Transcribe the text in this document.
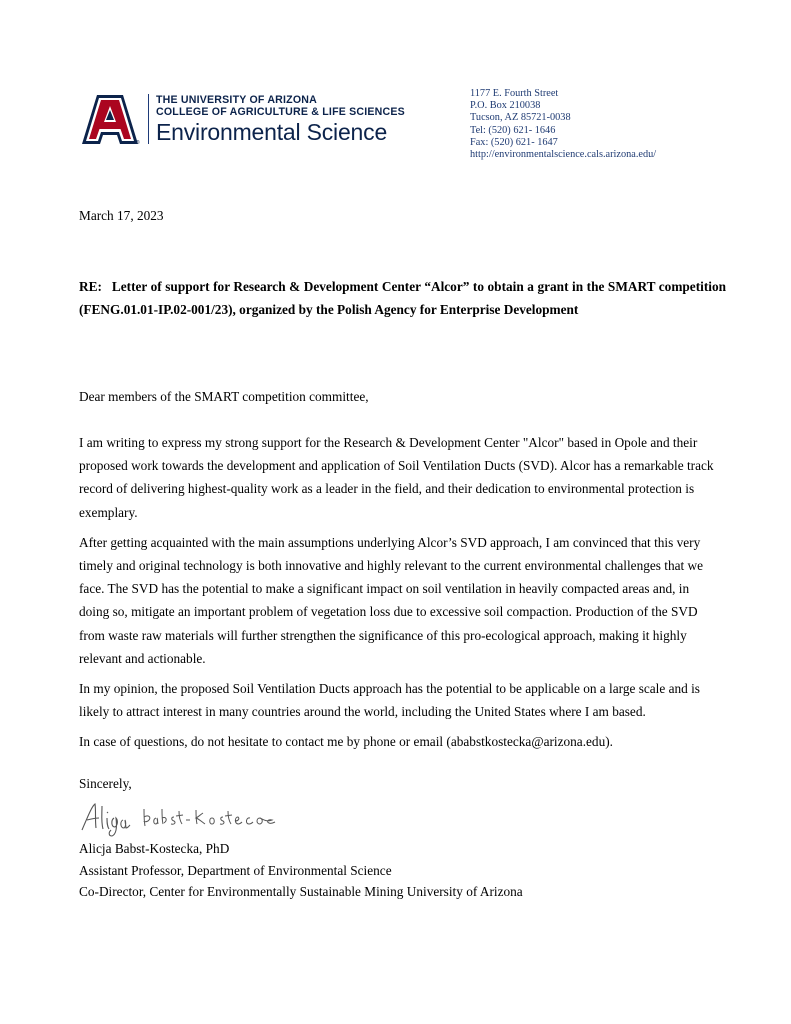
®
THE UNIVERSITY OF ARIZONA
COLLEGE OF AGRICULTURE & LIFE SCIENCES
Environmental Science
1177 E. Fourth Street
P.O. Box 210038
Tucson, AZ 85721-0038
Tel: (520) 621- 1646
Fax: (520) 621- 1647
http://environmentalscience.cals.arizona.edu/
March 17, 2023
RE: Letter of support for Research & Development Center “Alcor” to obtain a grant in the SMART competition (FENG.01.01-IP.02-001/23), organized by the Polish Agency for Enterprise Development
Dear members of the SMART competition committee,

I am writing to express my strong support for the Research & Development Center "Alcor" based in Opole and their proposed work towards the development and application of Soil Ventilation Ducts (SVD). Alcor has a remarkable track record of delivering highest-quality work as a leader in the field, and their dedication to environmental protection is exemplary.

After getting acquainted with the main assumptions underlying Alcor’s SVD approach, I am convinced that this very timely and original technology is both innovative and highly relevant to the current environmental challenges that we face. The SVD has the potential to make a significant impact on soil ventilation in heavily compacted areas and, in doing so, mitigate an important problem of vegetation loss due to excessive soil compaction. Production of the SVD from waste raw materials will further strengthen the significance of this pro-ecological approach, making it highly relevant and actionable.

In my opinion, the proposed Soil Ventilation Ducts approach has the potential to be applicable on a large scale and is likely to attract interest in many countries around the world, including the United States where I am based.

In case of questions, do not hesitate to contact me by phone or email (ababstkostecka@arizona.edu).

Sincerely,
Alicja Babst-Kostecka, PhD
Assistant Professor, Department of Environmental Science
Co-Director, Center for Environmentally Sustainable Mining University of Arizona
